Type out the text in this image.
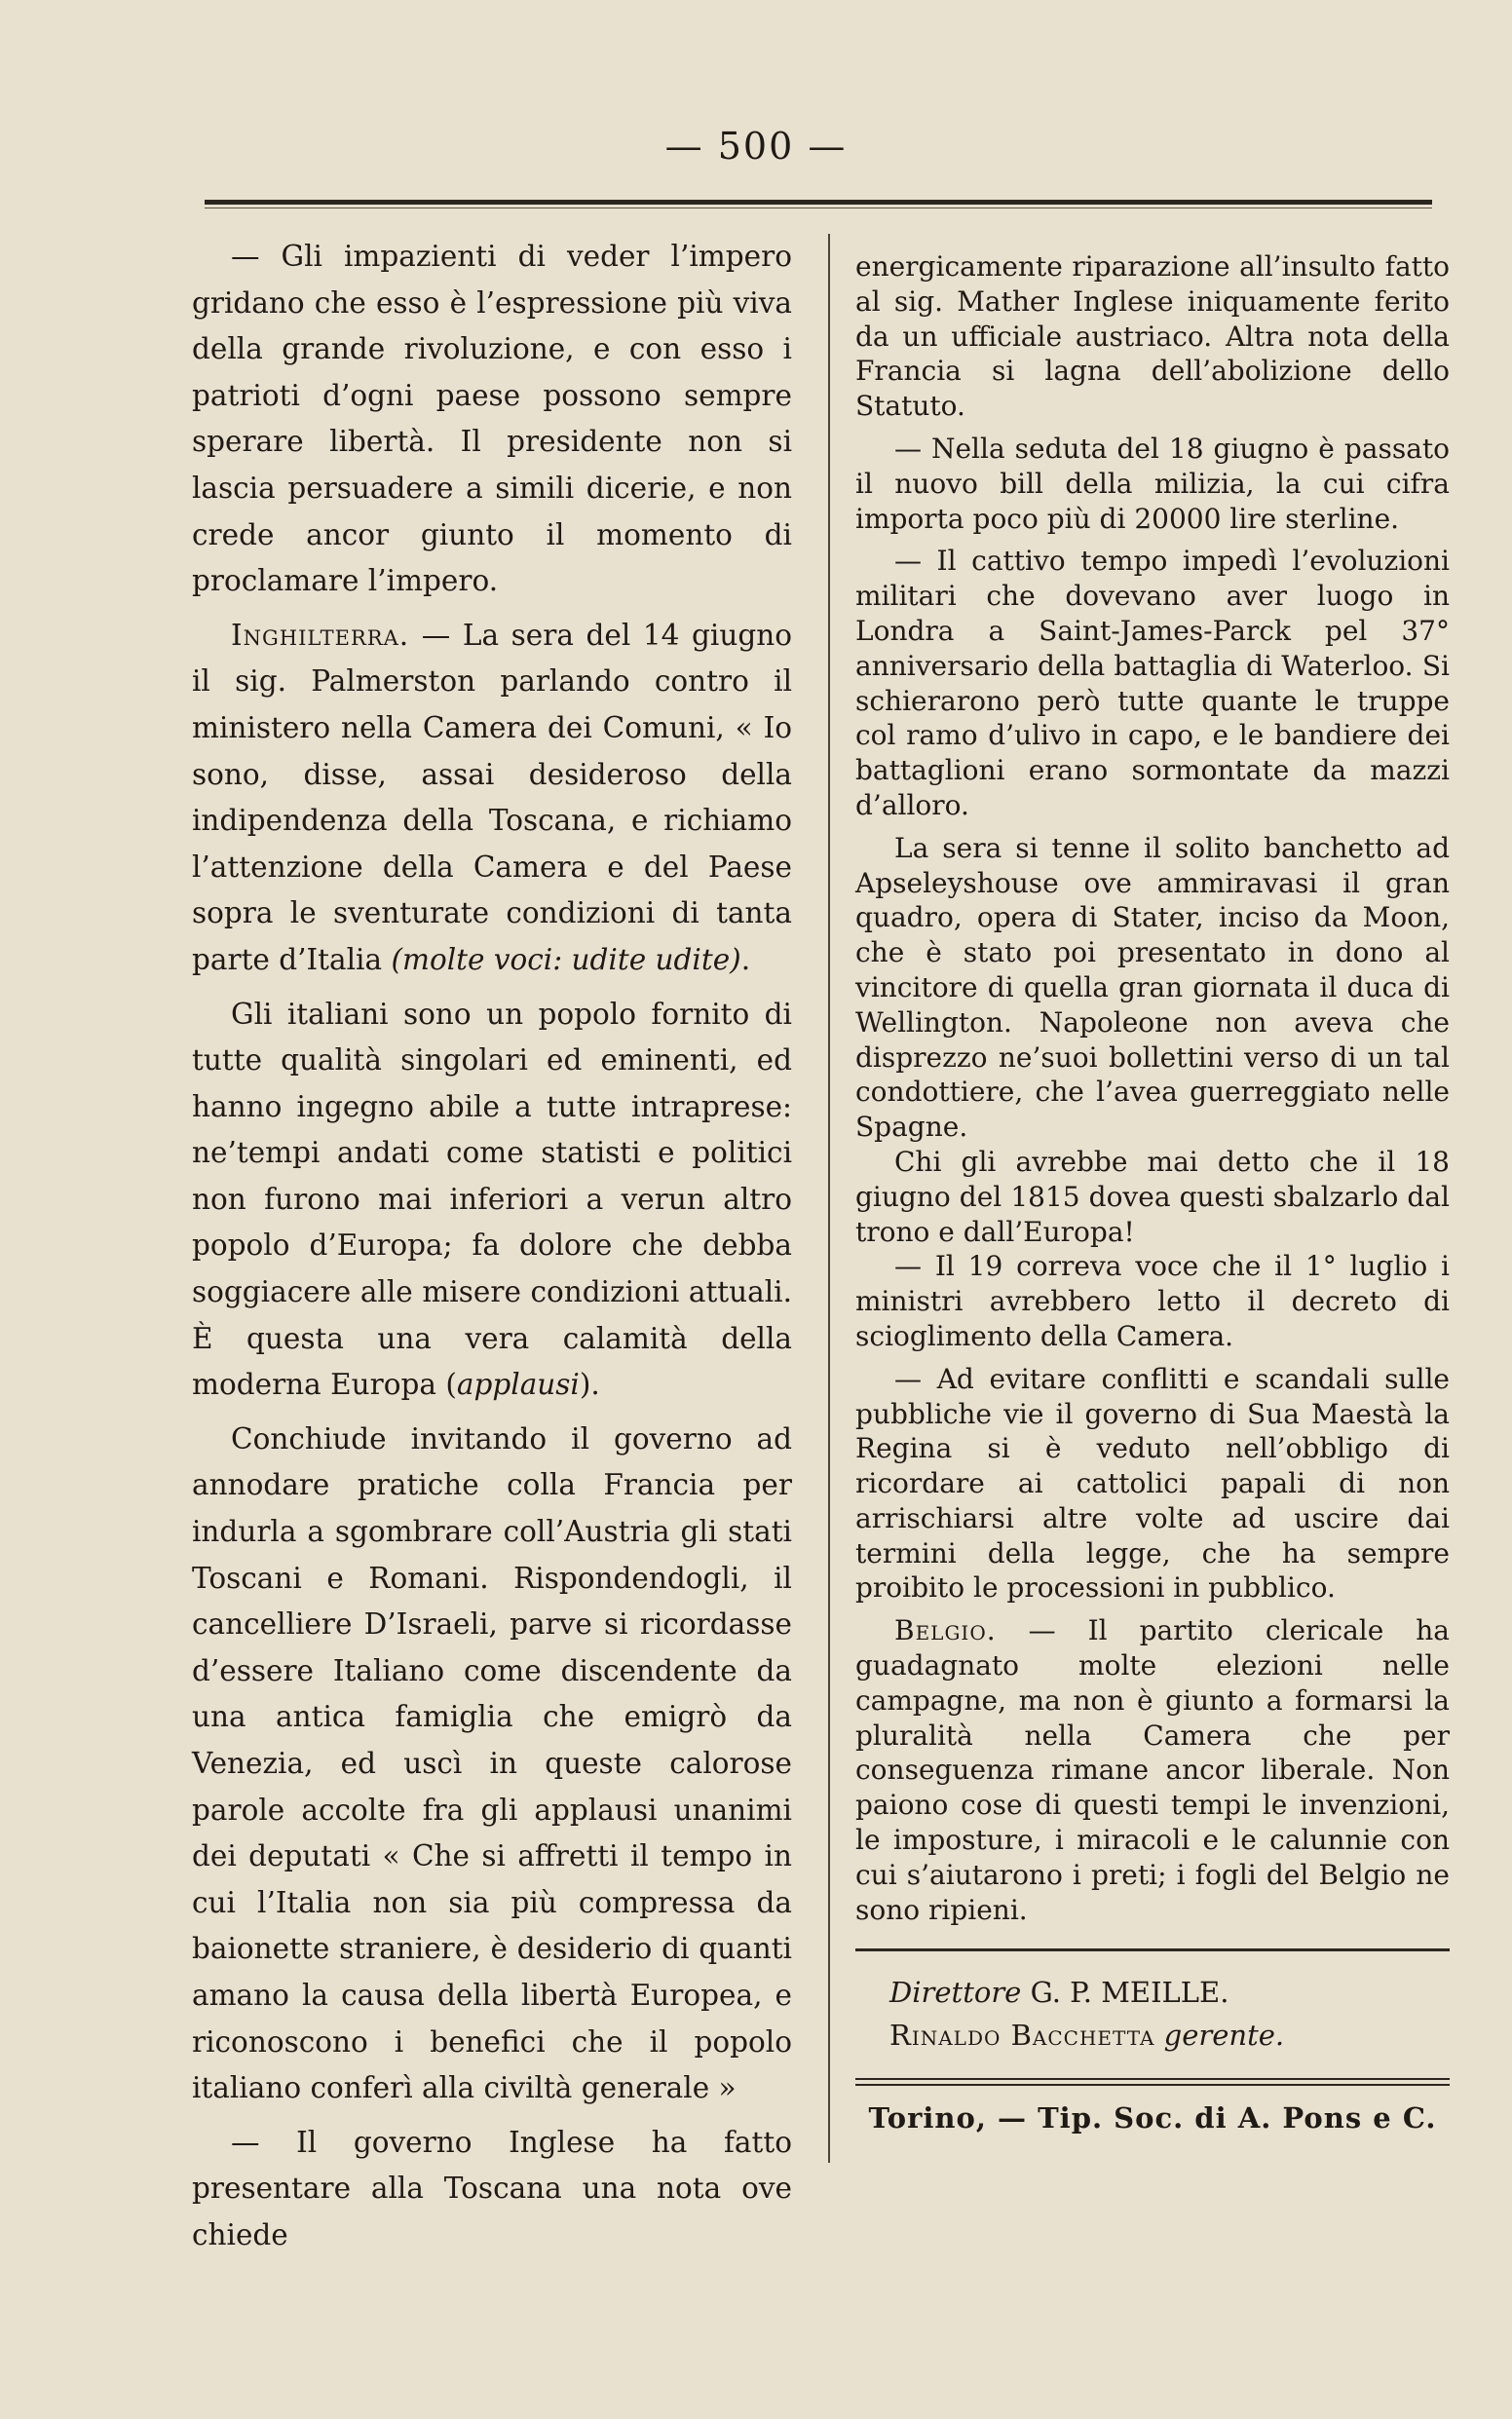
— 500 —

— Gli impazienti di veder l’impero gridano che esso è l’espressione più viva della grande rivoluzione, e con esso i patrioti d’ogni paese possono sempre sperare libertà. Il presidente non si lascia persuadere a simili dicerie, e non crede ancor giunto il momento di proclamare l’impero.

Inghilterra. — La sera del 14 giugno il sig. Palmerston parlando contro il ministero nella Camera dei Comuni, « Io sono, disse, assai desideroso della indipendenza della Toscana, e richiamo l’attenzione della Camera e del Paese sopra le sventurate condizioni di tanta parte d’Italia (molte voci: udite udite).

Gli italiani sono un popolo fornito di tutte qualità singolari ed eminenti, ed hanno ingegno abile a tutte intraprese: ne’tempi andati come statisti e politici non furono mai inferiori a verun altro popolo d’Europa; fa dolore che debba soggiacere alle misere condizioni attuali. È questa una vera calamità della moderna Europa (applausi).

Conchiude invitando il governo ad annodare pratiche colla Francia per indurla a sgombrare coll’Austria gli stati Toscani e Romani. Rispondendogli, il cancelliere D’Israeli, parve si ricordasse d’essere Italiano come discendente da una antica famiglia che emigrò da Venezia, ed uscì in queste calorose parole accolte fra gli applausi unanimi dei deputati « Che si affretti il tempo in cui l’Italia non sia più compressa da baionette straniere, è desiderio di quanti amano la causa della libertà Europea, e riconoscono i benefici che il popolo italiano conferì alla civiltà generale »

— Il governo Inglese ha fatto presentare alla Toscana una nota ove chiede

energicamente riparazione all’insulto fatto al sig. Mather Inglese iniquamente ferito da un ufficiale austriaco. Altra nota della Francia si lagna dell’abolizione dello Statuto.

— Nella seduta del 18 giugno è passato il nuovo bill della milizia, la cui cifra importa poco più di 20000 lire sterline.

— Il cattivo tempo impedì l’evoluzioni militari che dovevano aver luogo in Londra a Saint-James-Parck pel 37° anniversario della battaglia di Waterloo. Si schierarono però tutte quante le truppe col ramo d’ulivo in capo, e le bandiere dei battaglioni erano sormontate da mazzi d’alloro.

La sera si tenne il solito banchetto ad Apseleyshouse ove ammiravasi il gran quadro, opera di Stater, inciso da Moon, che è stato poi presentato in dono al vincitore di quella gran giornata il duca di Wellington. Napoleone non aveva che disprezzo ne’suoi bollettini verso di un tal condottiere, che l’avea guerreggiato nelle Spagne.

Chi gli avrebbe mai detto che il 18 giugno del 1815 dovea questi sbalzarlo dal trono e dall’Europa!

— Il 19 correva voce che il 1° luglio i ministri avrebbero letto il decreto di scioglimento della Camera.

— Ad evitare conflitti e scandali sulle pubbliche vie il governo di Sua Maestà la Regina si è veduto nell’obbligo di ricordare ai cattolici papali di non arrischiarsi altre volte ad uscire dai termini della legge, che ha sempre proibito le processioni in pubblico.

Belgio. — Il partito clericale ha guadagnato molte elezioni nelle campagne, ma non è giunto a formarsi la pluralità nella Camera che per conseguenza rimane ancor liberale. Non paiono cose di questi tempi le invenzioni, le imposture, i miracoli e le calunnie con cui s’aiutarono i preti; i fogli del Belgio ne sono ripieni.

Direttore G. P. MEILLE.
Rinaldo Bacchetta gerente.
Torino, — Tip. Soc. di A. Pons e C.
